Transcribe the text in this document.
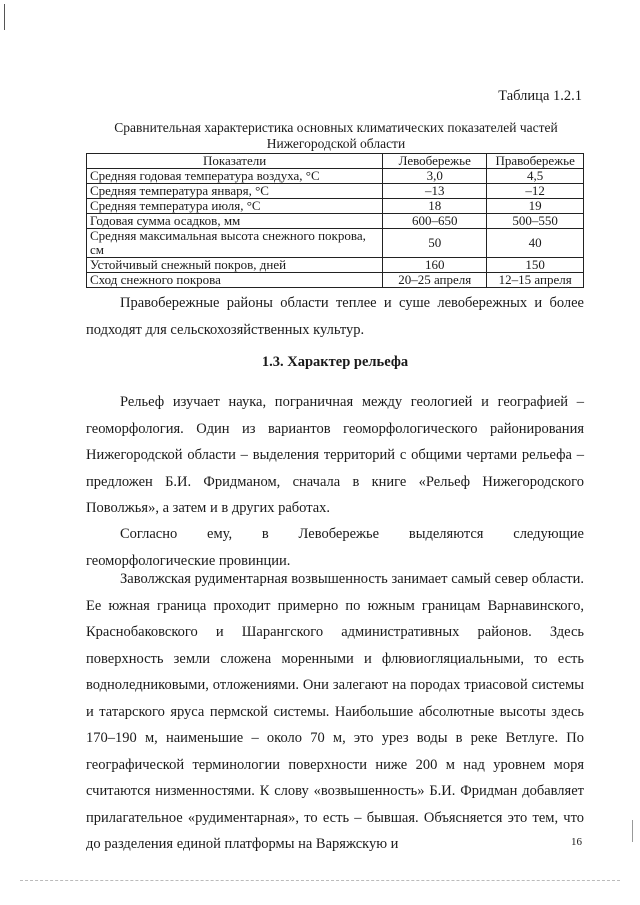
Таблица 1.2.1
Сравнительная характеристика основных климатических показателей частей
Нижегородской области
Показатели	Левобережье	Правобережье
Средняя годовая температура воздуха, °С	3,0	4,5
Средняя температура января, °С	–13	–12
Средняя температура июля, °С	18	19
Годовая сумма осадков, мм	600–650	500–550
Средняя максимальная высота снежного покрова, см	50	40
Устойчивый снежный покров, дней	160	150
Сход снежного покрова	20–25 апреля	12–15 апреля

Правобережные районы области теплее и суше левобережных и более подходят для сельскохозяйственных культур.

1.3. Характер рельефа

Рельеф изучает наука, пограничная между геологией и географией – геоморфология. Один из вариантов геоморфологического районирования Нижегородской области – выделения территорий с общими чертами рельефа – предложен Б.И. Фридманом, сначала в книге «Рельеф Нижегородского Поволжья», а затем и в других работах.

Согласно ему, в Левобережье выделяются следующие геоморфологические провинции.

Заволжская рудиментарная возвышенность занимает самый север области. Ее южная граница проходит примерно по южным границам Варнавинского, Краснобаковского и Шарангского административных районов. Здесь поверхность земли сложена моренными и флювиогляциальными, то есть водноледниковыми, отложениями. Они залегают на породах триасовой системы и татарского яруса пермской системы. Наибольшие абсолютные высоты здесь 170–190 м, наименьшие – около 70 м, это урез воды в реке Ветлуге. По географической терминологии поверхности ниже 200 м над уровнем моря считаются низменностями. К слову «возвышенность» Б.И. Фридман добавляет прилагательное «рудиментарная», то есть – бывшая. Объясняется это тем, что до разделения единой платформы на Варяжскую и	16
